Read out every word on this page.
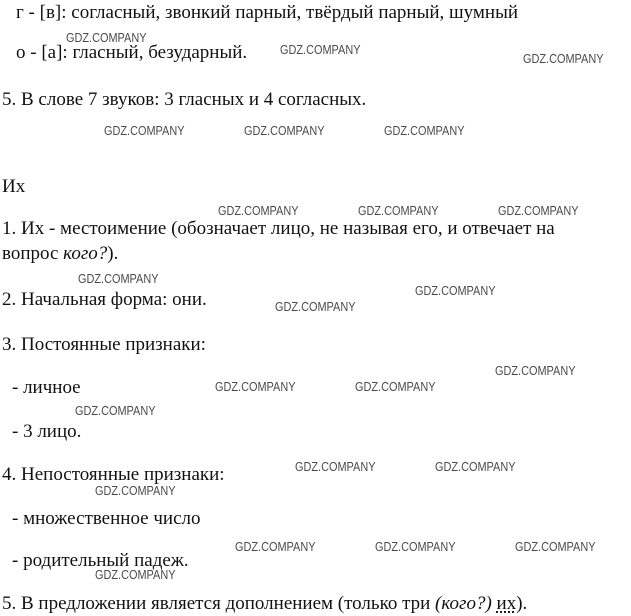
г - [в]: согласный, звонкий парный, твёрдый парный, шумный
о - [а]: гласный, безударный.
5. В слове 7 звуков: 3 гласных и 4 согласных.
Их
1. Их - местоимение (обозначает лицо, не называя его, и отвечает на
вопрос кого?).
2. Начальная форма: они.
3. Постоянные признаки:
- личное
- 3 лицо.
4. Непостоянные признаки:
- множественное число
- родительный падеж.
5. В предложении является дополнением (только три (кого?) их).
GDZ.COMPANY
GDZ.COMPANY
GDZ.COMPANY
GDZ.COMPANY	GDZ.COMPANY	GDZ.COMPANY
GDZ.COMPANY	GDZ.COMPANY	GDZ.COMPANY
GDZ.COMPANY
GDZ.COMPANY
GDZ.COMPANY
GDZ.COMPANY
GDZ.COMPANY	GDZ.COMPANY
GDZ.COMPANY
GDZ.COMPANY	GDZ.COMPANY
GDZ.COMPANY
GDZ.COMPANY	GDZ.COMPANY	GDZ.COMPANY
GDZ.COMPANY
